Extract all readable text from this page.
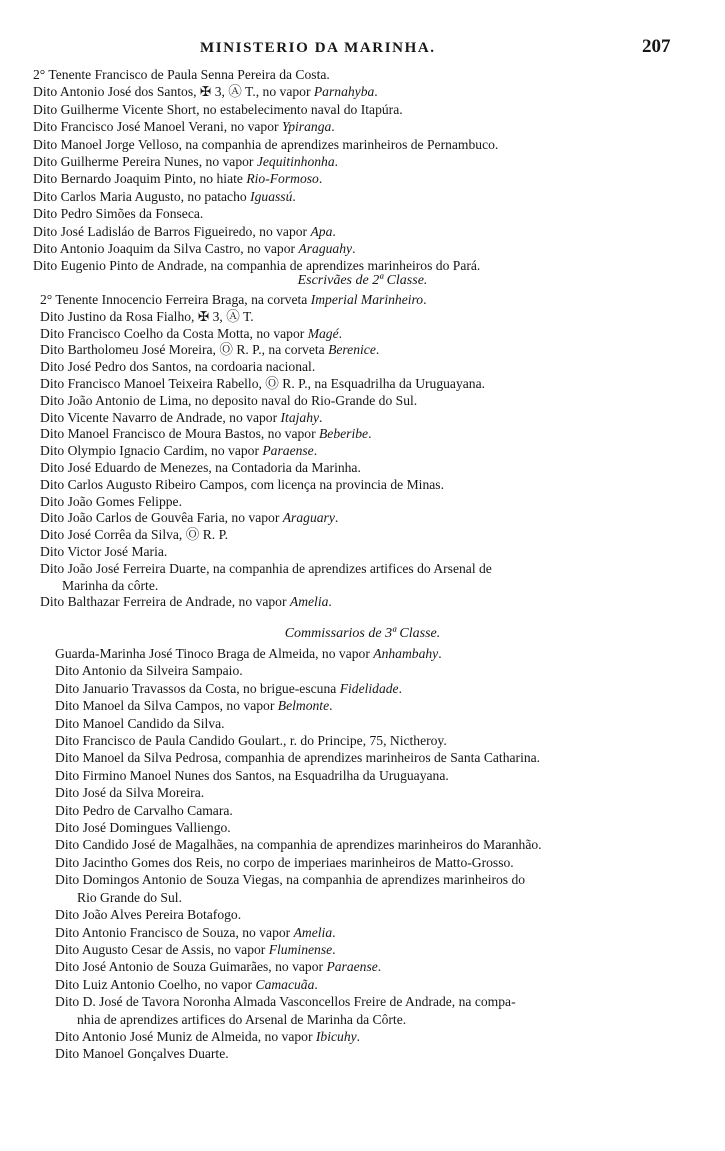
MINISTERIO DA MARINHA.	207
2° Tenente Francisco de Paula Senna Pereira da Costa.
Dito Antonio José dos Santos, ✠ 3, Ⓐ T., no vapor Parnahyba.
Dito Guilherme Vicente Short, no estabelecimento naval do Itapúra.
Dito Francisco José Manoel Verani, no vapor Ypiranga.
Dito Manoel Jorge Velloso, na companhia de aprendizes marinheiros de Pernambuco.
Dito Guilherme Pereira Nunes, no vapor Jequitinhonha.
Dito Bernardo Joaquim Pinto, no hiate Rio-Formoso.
Dito Carlos Maria Augusto, no patacho Iguassú.
Dito Pedro Simões da Fonseca.
Dito José Ladisláo de Barros Figueiredo, no vapor Apa.
Dito Antonio Joaquim da Silva Castro, no vapor Araguahy.
Dito Eugenio Pinto de Andrade, na companhia de aprendizes marinheiros do Pará.
Escrivães de 2ª Classe.
2° Tenente Innocencio Ferreira Braga, na corveta Imperial Marinheiro.
Dito Justino da Rosa Fialho, ✠ 3, Ⓐ T.
Dito Francisco Coelho da Costa Motta, no vapor Magé.
Dito Bartholomeu José Moreira, Ⓞ R. P., na corveta Berenice.
Dito José Pedro dos Santos, na cordoaria nacional.
Dito Francisco Manoel Teixeira Rabello, Ⓞ R. P., na Esquadrilha da Uruguayana.
Dito João Antonio de Lima, no deposito naval do Rio-Grande do Sul.
Dito Vicente Navarro de Andrade, no vapor Itajahy.
Dito Manoel Francisco de Moura Bastos, no vapor Beberibe.
Dito Olympio Ignacio Cardim, no vapor Paraense.
Dito José Eduardo de Menezes, na Contadoria da Marinha.
Dito Carlos Augusto Ribeiro Campos, com licença na provincia de Minas.
Dito João Gomes Felippe.
Dito João Carlos de Gouvêa Faria, no vapor Araguary.
Dito José Corrêa da Silva, Ⓞ R. P.
Dito Victor José Maria.
Dito João José Ferreira Duarte, na companhia de aprendizes artifices do Arsenal de
Marinha da côrte.
Dito Balthazar Ferreira de Andrade, no vapor Amelia.
Commissarios de 3ª Classe.
Guarda-Marinha José Tinoco Braga de Almeida, no vapor Anhambahy.
Dito Antonio da Silveira Sampaio.
Dito Januario Travassos da Costa, no brigue-escuna Fidelidade.
Dito Manoel da Silva Campos, no vapor Belmonte.
Dito Manoel Candido da Silva.
Dito Francisco de Paula Candido Goulart., r. do Principe, 75, Nictheroy.
Dito Manoel da Silva Pedrosa, companhia de aprendizes marinheiros de Santa Catharina.
Dito Firmino Manoel Nunes dos Santos, na Esquadrilha da Uruguayana.
Dito José da Silva Moreira.
Dito Pedro de Carvalho Camara.
Dito José Domingues Valliengo.
Dito Candido José de Magalhães, na companhia de aprendizes marinheiros do Maranhão.
Dito Jacintho Gomes dos Reis, no corpo de imperiaes marinheiros de Matto-Grosso.
Dito Domingos Antonio de Souza Viegas, na companhia de aprendizes marinheiros do
Rio Grande do Sul.
Dito João Alves Pereira Botafogo.
Dito Antonio Francisco de Souza, no vapor Amelia.
Dito Augusto Cesar de Assis, no vapor Fluminense.
Dito José Antonio de Souza Guimarães, no vapor Paraense.
Dito Luiz Antonio Coelho, no vapor Camacuãa.
Dito D. José de Tavora Noronha Almada Vasconcellos Freire de Andrade, na compa-
nhia de aprendizes artifices do Arsenal de Marinha da Côrte.
Dito Antonio José Muniz de Almeida, no vapor Ibicuhy.
Dito Manoel Gonçalves Duarte.
